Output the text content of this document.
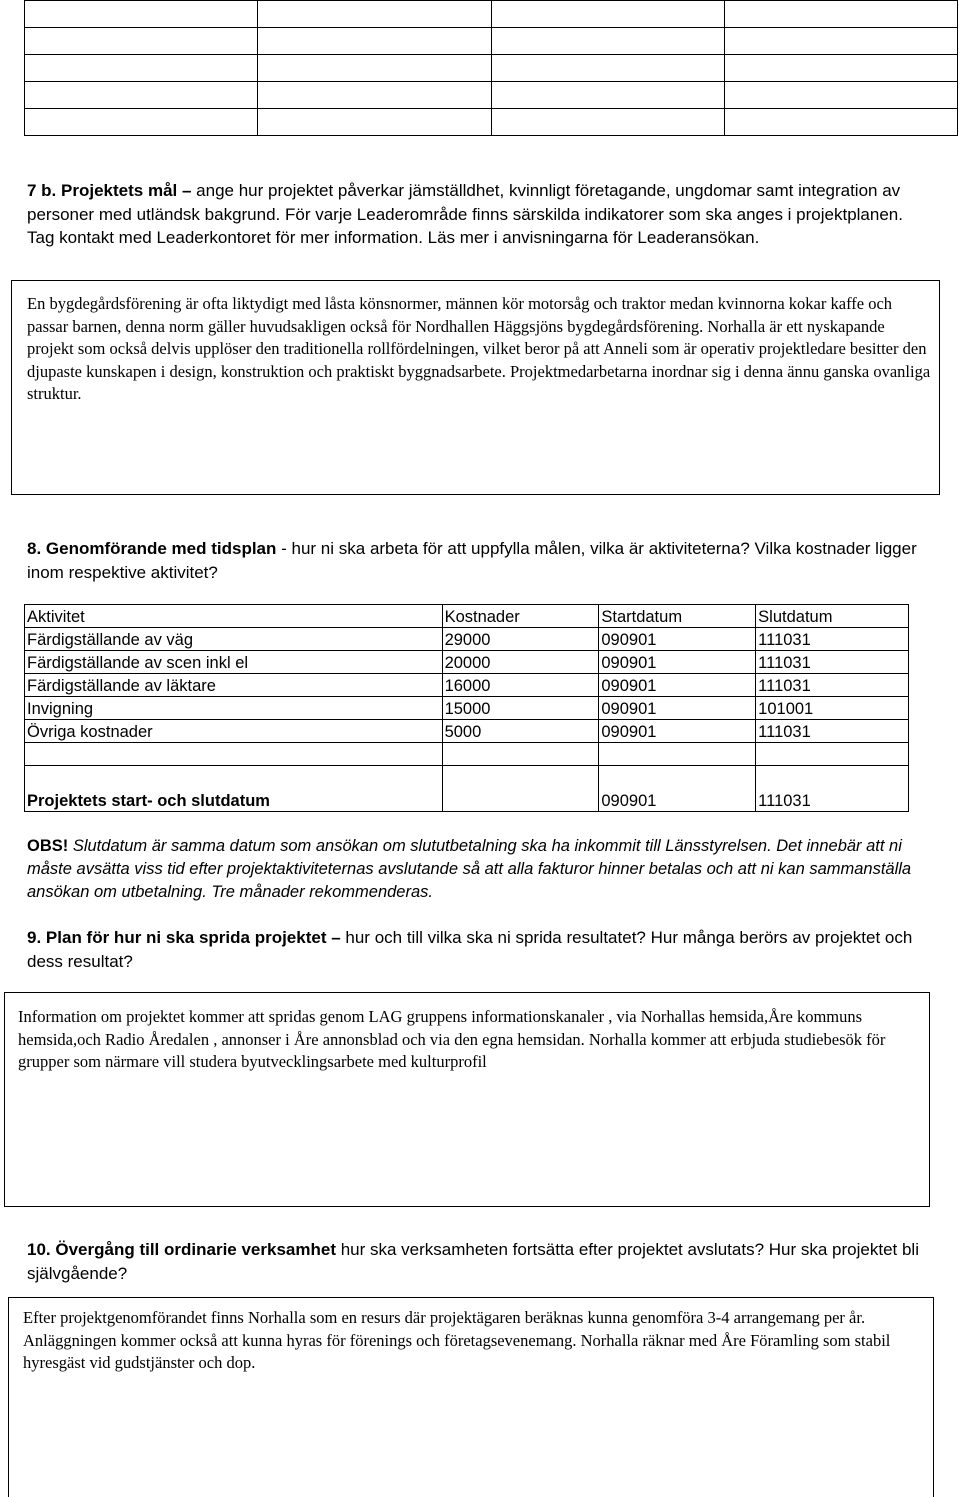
7 b. Projektets mål – ange hur projektet påverkar jämställdhet, kvinnligt företagande, ungdomar samt integration av personer med utländsk bakgrund. För varje Leaderområde finns särskilda indikatorer som ska anges i projektplanen. Tag kontakt med Leaderkontoret för mer information. Läs mer i anvisningarna för Leaderansökan.
En bygdegårdsförening är ofta liktydigt med låsta könsnormer, männen kör motorsåg och traktor medan kvinnorna kokar kaffe och passar barnen, denna norm gäller huvudsakligen också för Nordhallen Häggsjöns bygdegårdsförening. Norhalla är ett nyskapande projekt som också delvis upplöser den traditionella rollfördelningen, vilket beror på att Anneli som är operativ projektledare besitter den djupaste kunskapen i design, konstruktion och praktiskt byggnadsarbete. Projektmedarbetarna inordnar sig i denna ännu ganska ovanliga struktur.
8. Genomförande med tidsplan - hur ni ska arbeta för att uppfylla målen, vilka är aktiviteterna? Vilka kostnader ligger inom respektive aktivitet?
Aktivitet	Kostnader	Startdatum	Slutdatum
Färdigställande av väg	29000	090901	111031
Färdigställande av scen inkl el	20000	090901	111031
Färdigställande av läktare	16000	090901	111031
Invigning	15000	090901	101001
Övriga kostnader	5000	090901	111031

Projektets start- och slutdatum		090901	111031
OBS! Slutdatum är samma datum som ansökan om slututbetalning ska ha inkommit till Länsstyrelsen. Det innebär att ni måste avsätta viss tid efter projektaktiviteternas avslutande så att alla fakturor hinner betalas och att ni kan sammanställa ansökan om utbetalning. Tre månader rekommenderas.
9. Plan för hur ni ska sprida projektet – hur och till vilka ska ni sprida resultatet? Hur många berörs av projektet och dess resultat?
Information om projektet kommer att spridas genom LAG gruppens informationskanaler , via Norhallas hemsida,Åre kommuns hemsida,och Radio Åredalen , annonser i Åre annonsblad och via den egna hemsidan. Norhalla kommer att erbjuda studiebesök för grupper som närmare vill studera byutvecklingsarbete med kulturprofil
10. Övergång till ordinarie verksamhet hur ska verksamheten fortsätta efter projektet avslutats? Hur ska projektet bli självgående?
Efter projektgenomförandet finns Norhalla som en resurs där projektägaren beräknas kunna genomföra 3-4 arrangemang per år. Anläggningen kommer också att kunna hyras för förenings och företagsevenemang. Norhalla räknar med Åre Föramling som stabil hyresgäst vid gudstjänster och dop.
